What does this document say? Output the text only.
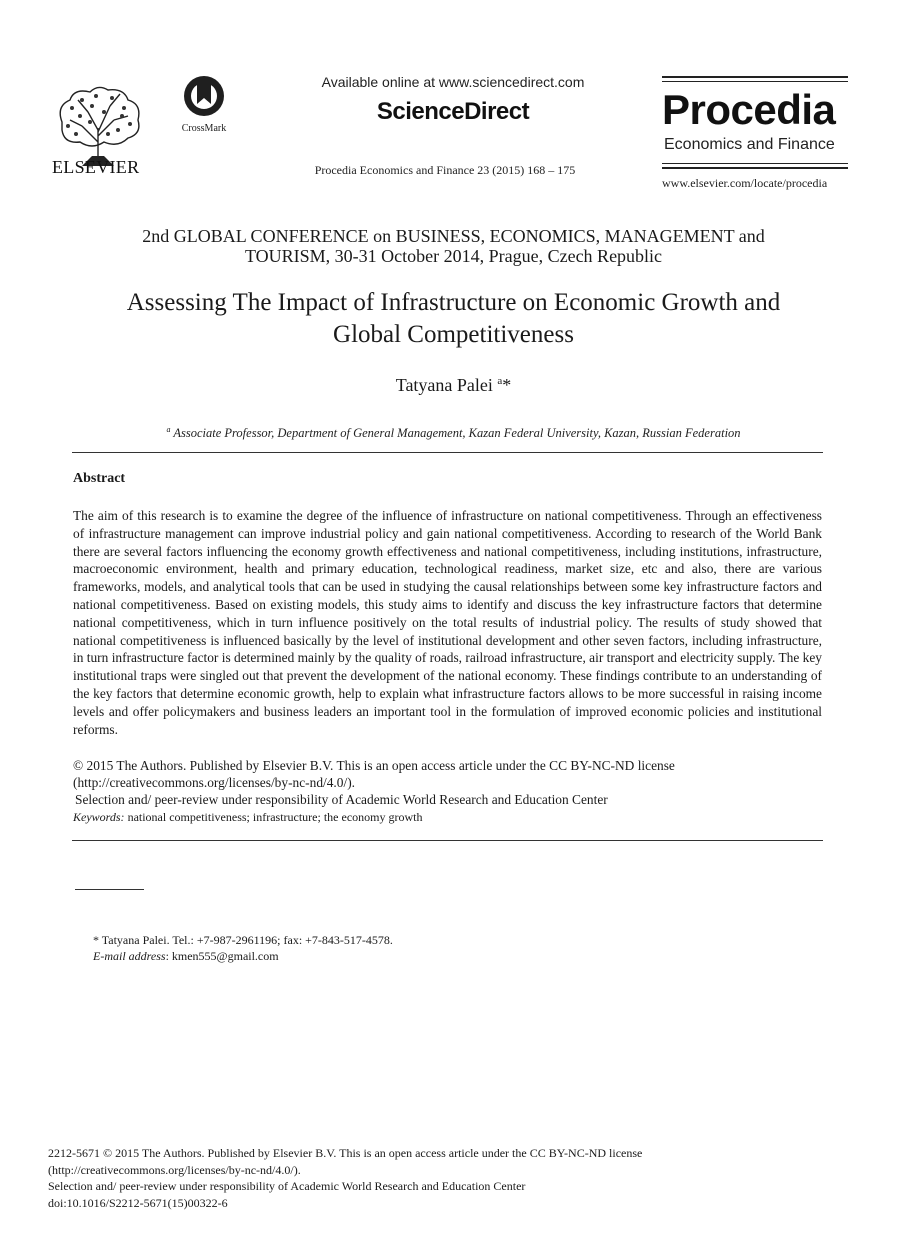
ELSEVIER
CrossMark
Available online at www.sciencedirect.com
ScienceDirect
Procedia Economics and Finance 23 (2015) 168 – 175
Procedia
Economics and Finance
www.elsevier.com/locate/procedia
2nd GLOBAL CONFERENCE on BUSINESS, ECONOMICS, MANAGEMENT and
TOURISM, 30-31 October 2014, Prague, Czech Republic
Assessing The Impact of Infrastructure on Economic Growth and
Global Competitiveness
Tatyana Palei $^a$*
$^a$ Associate Professor, Department of General Management, Kazan Federal University, Kazan, Russian Federation
Abstract
The aim of this research is to examine the degree of the influence of infrastructure on national competitiveness. Through an effectiveness of infrastructure management can improve industrial policy and gain national competitiveness. According to research of the World Bank there are several factors influencing the economy growth effectiveness and national competitiveness, including institutions, infrastructure, macroeconomic environment, health and primary education, technological readiness, market size, etc and also, there are various frameworks, models, and analytical tools that can be used in studying the causal relationships between some key infrastructure factors and national competitiveness. Based on existing models, this study aims to identify and discuss the key infrastructure factors that determine national competitiveness, which in turn influence positively on the total results of industrial policy. The results of study showed that national competitiveness is influenced basically by the level of institutional development and other seven factors, including infrastructure, in turn infrastructure factor is determined mainly by the quality of roads, railroad infrastructure, air transport and electricity supply. The key institutional traps were singled out that prevent the development of the national economy. These findings contribute to an understanding of the key factors that determine economic growth, help to explain what infrastructure factors allows to be more successful in raising income levels and offer policymakers and business leaders an important tool in the formulation of improved economic policies and institutional reforms.
© 2015 The Authors. Published by Elsevier B.V. This is an open access article under the CC BY-NC-ND license
(http://creativecommons.org/licenses/by-nc-nd/4.0/).
Selection and/ peer-review under responsibility of Academic World Research and Education Center
Keywords: national competitiveness; infrastructure; the economy growth
* Tatyana Palei. Tel.: +7-987-2961196; fax: +7-843-517-4578.
E-mail address: kmen555@gmail.com
2212-5671 © 2015 The Authors. Published by Elsevier B.V. This is an open access article under the CC BY-NC-ND license
(http://creativecommons.org/licenses/by-nc-nd/4.0/).
Selection and/ peer-review under responsibility of Academic World Research and Education Center
doi:10.1016/S2212-5671(15)00322-6
